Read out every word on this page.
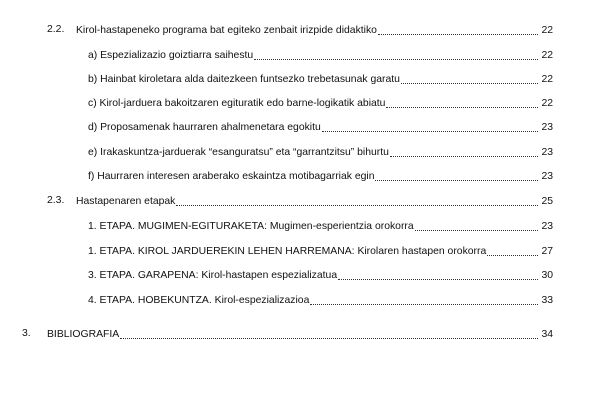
2.2. Kirol-hastapeneko programa bat egiteko zenbait irizpide didaktiko	22
a) Espezializazio goiztiarra saihestu	22
b) Hainbat kiroletara alda daitezkeen funtsezko trebetasunak garatu	22
c) Kirol-jarduera bakoitzaren egituratik edo barne-logikatik abiatu	22
d) Proposamenak haurraren ahalmenetara egokitu	23
e) Irakaskuntza-jarduerak “esanguratsu” eta “garrantzitsu” bihurtu	23
f) Haurraren interesen araberako eskaintza motibagarriak egin	23
2.3. Hastapenaren etapak	25
1. ETAPA. MUGIMEN-EGITURAKETA: Mugimen-esperientzia orokorra	23
1. ETAPA. KIROL JARDUEREKIN LEHEN HARREMANA: Kirolaren hastapen orokorra	27
3. ETAPA. GARAPENA: Kirol-hastapen espezializatua	30
4. ETAPA. HOBEKUNTZA. Kirol-espezializazioa	33
3. BIBLIOGRAFIA	34
